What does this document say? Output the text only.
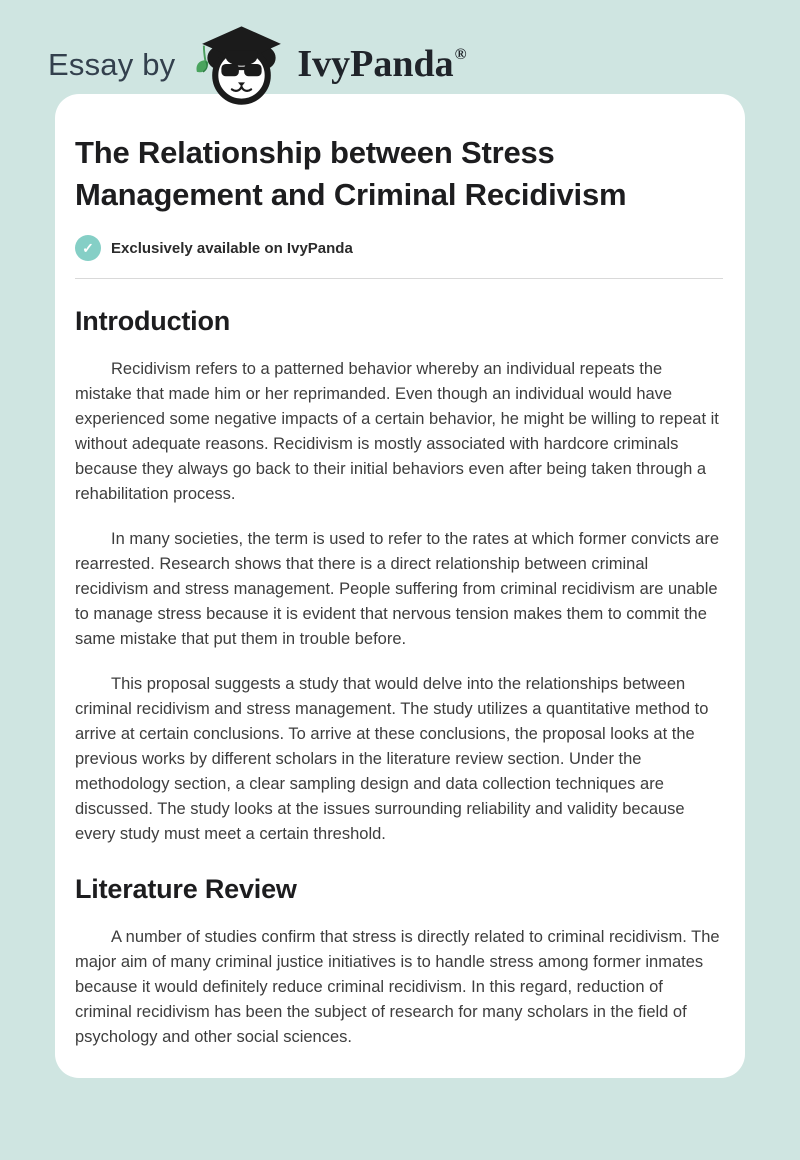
Essay by	IvyPanda®
The Relationship between Stress Management and Criminal Recidivism
✓	Exclusively available on IvyPanda
Introduction

Recidivism refers to a patterned behavior whereby an individual repeats the mistake that made him or her reprimanded. Even though an individual would have experienced some negative impacts of a certain behavior, he might be willing to repeat it without adequate reasons. Recidivism is mostly associated with hardcore criminals because they always go back to their initial behaviors even after being taken through a rehabilitation process.

In many societies, the term is used to refer to the rates at which former convicts are rearrested. Research shows that there is a direct relationship between criminal recidivism and stress management. People suffering from criminal recidivism are unable to manage stress because it is evident that nervous tension makes them to commit the same mistake that put them in trouble before.

This proposal suggests a study that would delve into the relationships between criminal recidivism and stress management. The study utilizes a quantitative method to arrive at certain conclusions. To arrive at these conclusions, the proposal looks at the previous works by different scholars in the literature review section. Under the methodology section, a clear sampling design and data collection techniques are discussed. The study looks at the issues surrounding reliability and validity because every study must meet a certain threshold.

Literature Review

A number of studies confirm that stress is directly related to criminal recidivism. The major aim of many criminal justice initiatives is to handle stress among former inmates because it would definitely reduce criminal recidivism. In this regard, reduction of criminal recidivism has been the subject of research for many scholars in the field of psychology and other social sciences.
